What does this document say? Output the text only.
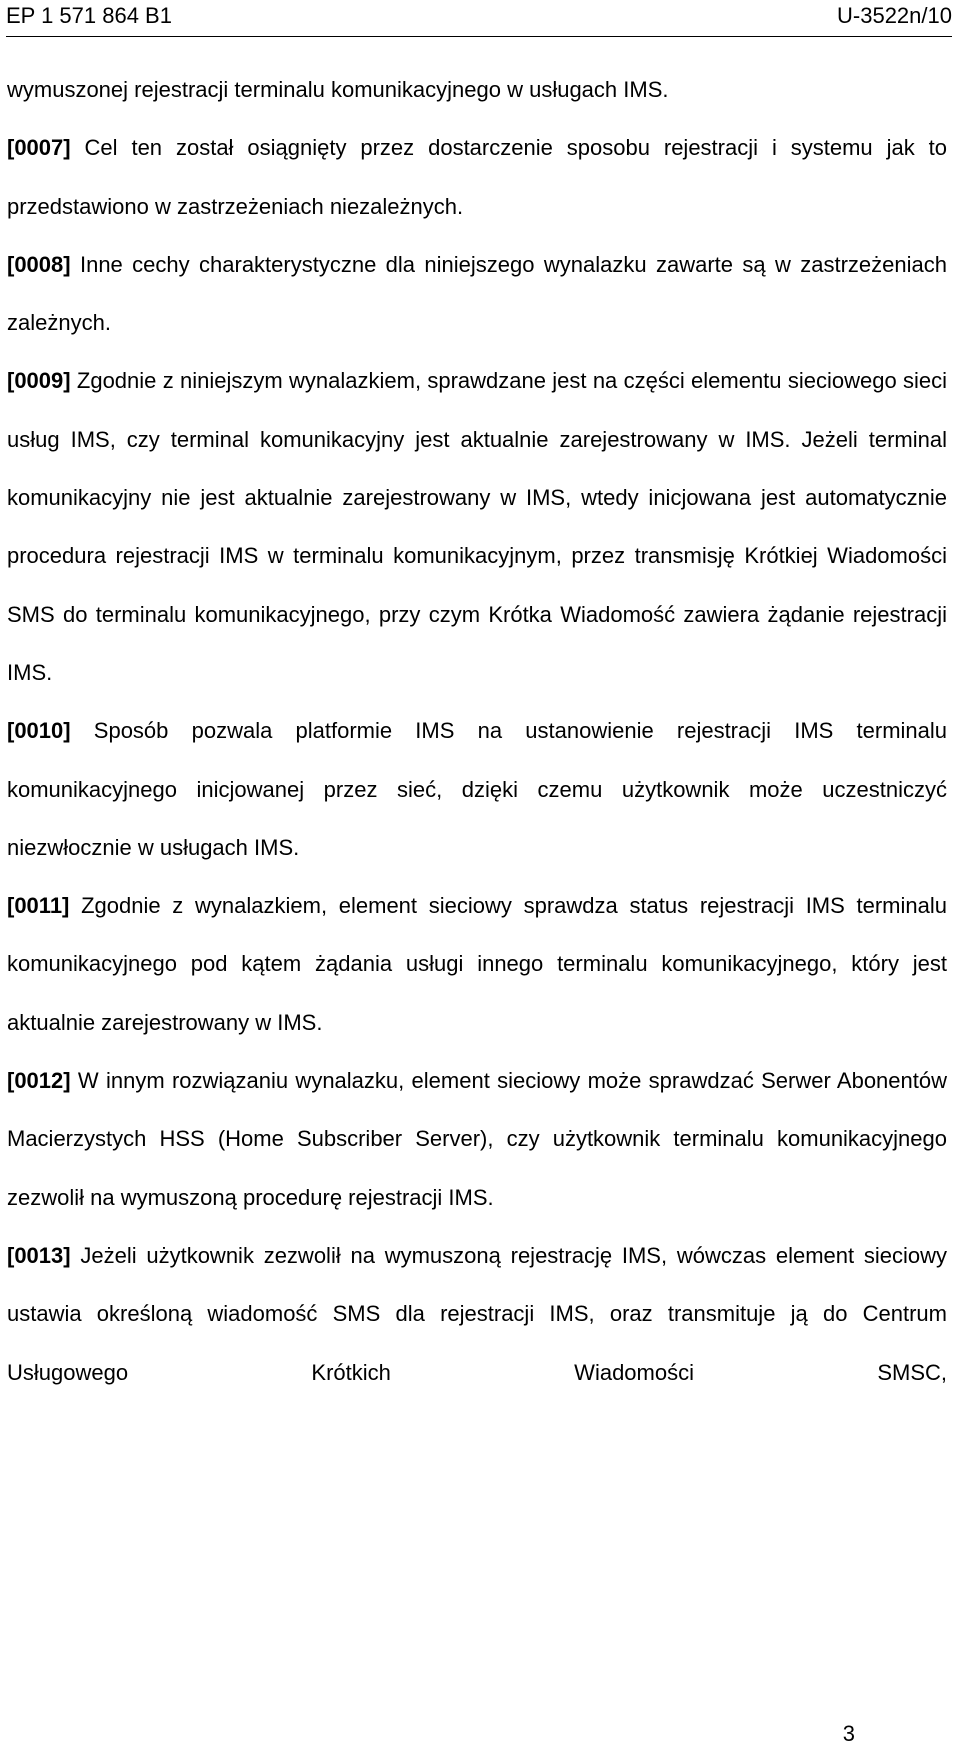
EP 1 571 864 B1	U-3522n/10

wymuszonej rejestracji terminalu komunikacyjnego w usługach IMS.

[0007] Cel ten został osiągnięty przez dostarczenie sposobu rejestracji i systemu jak to przedstawiono w zastrzeżeniach niezależnych.

[0008] Inne cechy charakterystyczne dla niniejszego wynalazku zawarte są w zastrzeżeniach zależnych.

[0009] Zgodnie z niniejszym wynalazkiem, sprawdzane jest na części elementu sieciowego sieci usług IMS, czy terminal komunikacyjny jest aktualnie zarejestrowany w IMS. Jeżeli terminal komunikacyjny nie jest aktualnie zarejestrowany w IMS, wtedy inicjowana jest automatycznie procedura rejestracji IMS w terminalu komunikacyjnym, przez transmisję Krótkiej Wiadomości SMS do terminalu komunikacyjnego, przy czym Krótka Wiadomość zawiera żądanie rejestracji IMS.

[0010] Sposób pozwala platformie IMS na ustanowienie rejestracji IMS terminalu komunikacyjnego inicjowanej przez sieć, dzięki czemu użytkownik może uczestniczyć niezwłocznie w usługach IMS.

[0011] Zgodnie z wynalazkiem, element sieciowy sprawdza status rejestracji IMS terminalu komunikacyjnego pod kątem żądania usługi innego terminalu komunikacyjnego, który jest aktualnie zarejestrowany w IMS.

[0012] W innym rozwiązaniu wynalazku, element sieciowy może sprawdzać Serwer Abonentów Macierzystych HSS (Home Subscriber Server), czy użytkownik terminalu komunikacyjnego zezwolił na wymuszoną procedurę rejestracji IMS.

[0013] Jeżeli użytkownik zezwolił na wymuszoną rejestrację IMS, wówczas element sieciowy ustawia określoną wiadomość SMS dla rejestracji IMS, oraz transmituje ją do Centrum Usługowego Krótkich Wiadomości SMSC,

3
